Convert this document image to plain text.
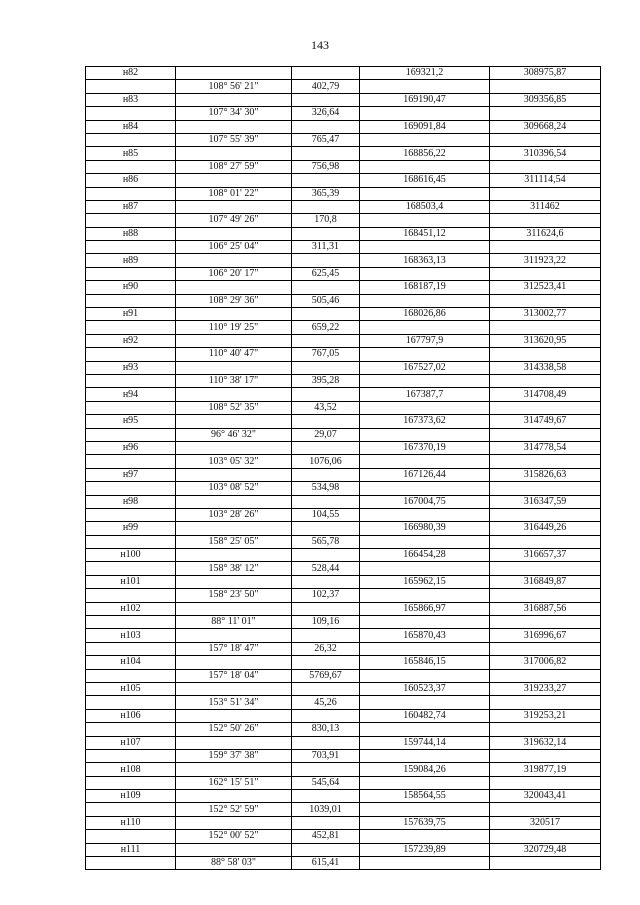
143
н82			169321,2	308975,87
	108° 56' 21"	402,79		
н83			169190,47	309356,85
	107° 34' 30"	326,64		
н84			169091,84	309668,24
	107° 55' 39"	765,47		
н85			168856,22	310396,54
	108° 27' 59"	756,98		
н86			168616,45	311114,54
	108° 01' 22"	365,39		
н87			168503,4	311462
	107° 49' 26"	170,8		
н88			168451,12	311624,6
	106° 25' 04"	311,31		
н89			168363,13	311923,22
	106° 20' 17"	625,45		
н90			168187,19	312523,41
	108° 29' 36"	505,46		
н91			168026,86	313002,77
	110° 19' 25"	659,22		
н92			167797,9	313620,95
	110° 40' 47"	767,05		
н93			167527,02	314338,58
	110° 38' 17"	395,28		
н94			167387,7	314708,49
	108° 52' 35"	43,52		
н95			167373,62	314749,67
	96° 46' 32"	29,07		
н96			167370,19	314778,54
	103° 05' 32"	1076,06		
н97			167126,44	315826,63
	103° 08' 52"	534,98		
н98			167004,75	316347,59
	103° 28' 26"	104,55		
н99			166980,39	316449,26
	158° 25' 05"	565,78		
н100			166454,28	316657,37
	158° 38' 12"	528,44		
н101			165962,15	316849,87
	158° 23' 50"	102,37		
н102			165866,97	316887,56
	88° 11' 01"	109,16		
н103			165870,43	316996,67
	157° 18' 47"	26,32		
н104			165846,15	317006,82
	157° 18' 04"	5769,67		
н105			160523,37	319233,27
	153° 51' 34"	45,26		
н106			160482,74	319253,21
	152° 50' 26"	830,13		
н107			159744,14	319632,14
	159° 37' 38"	703,91		
н108			159084,26	319877,19
	162° 15' 51"	545,64		
н109			158564,55	320043,41
	152° 52' 59"	1039,01		
н110			157639,75	320517
	152° 00' 52"	452,81		
н111			157239,89	320729,48
	88° 58' 03"	615,41		
